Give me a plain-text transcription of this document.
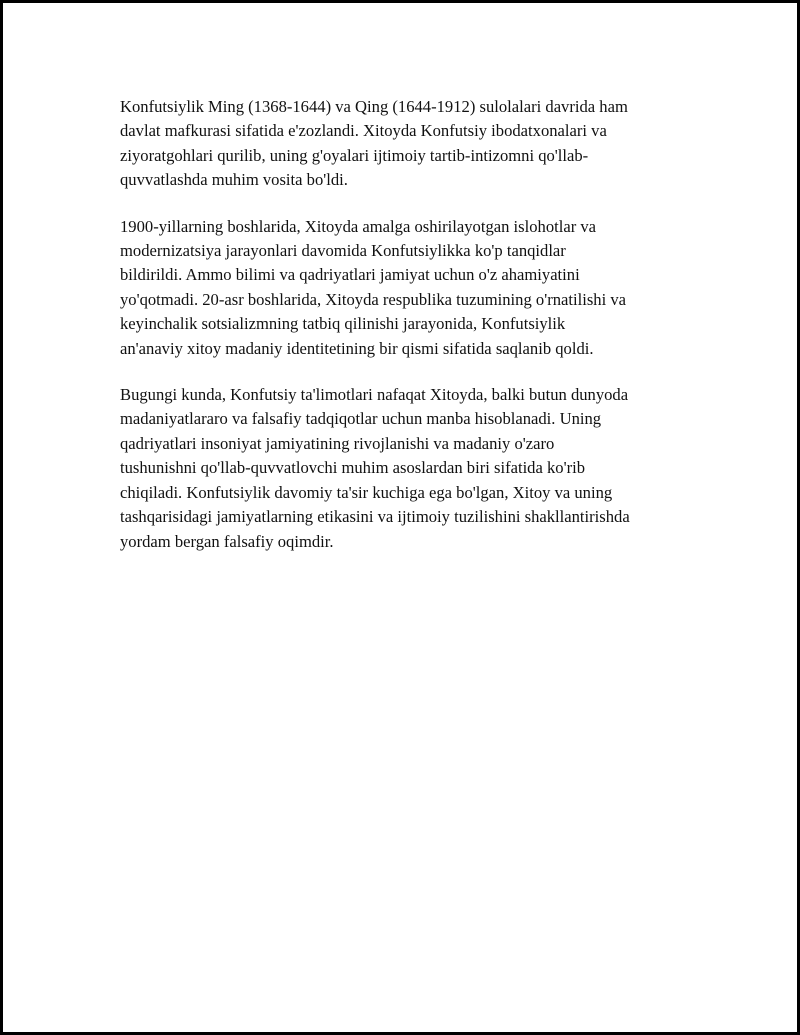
Konfutsiylik Ming (1368-1644) va Qing (1644-1912) sulolalari davrida ham
davlat mafkurasi sifatida e'zozlandi. Xitoyda Konfutsiy ibodatxonalari va
ziyoratgohlari qurilib, uning g'oyalari ijtimoiy tartib-intizomni qo'llab-
quvvatlashda muhim vosita bo'ldi.

1900-yillarning boshlarida, Xitoyda amalga oshirilayotgan islohotlar va
modernizatsiya jarayonlari davomida Konfutsiylikka ko'p tanqidlar
bildirildi. Ammo bilimi va qadriyatlari jamiyat uchun o'z ahamiyatini
yo'qotmadi. 20-asr boshlarida, Xitoyda respublika tuzumining o'rnatilishi va
keyinchalik sotsializmning tatbiq qilinishi jarayonida, Konfutsiylik
an'anaviy xitoy madaniy identitetining bir qismi sifatida saqlanib qoldi.

Bugungi kunda, Konfutsiy ta'limotlari nafaqat Xitoyda, balki butun dunyoda
madaniyatlararo va falsafiy tadqiqotlar uchun manba hisoblanadi. Uning
qadriyatlari insoniyat jamiyatining rivojlanishi va madaniy o'zaro
tushunishni qo'llab-quvvatlovchi muhim asoslardan biri sifatida ko'rib
chiqiladi. Konfutsiylik davomiy ta'sir kuchiga ega bo'lgan, Xitoy va uning
tashqarisidagi jamiyatlarning etikasini va ijtimoiy tuzilishini shakllantirishda
yordam bergan falsafiy oqimdir.
